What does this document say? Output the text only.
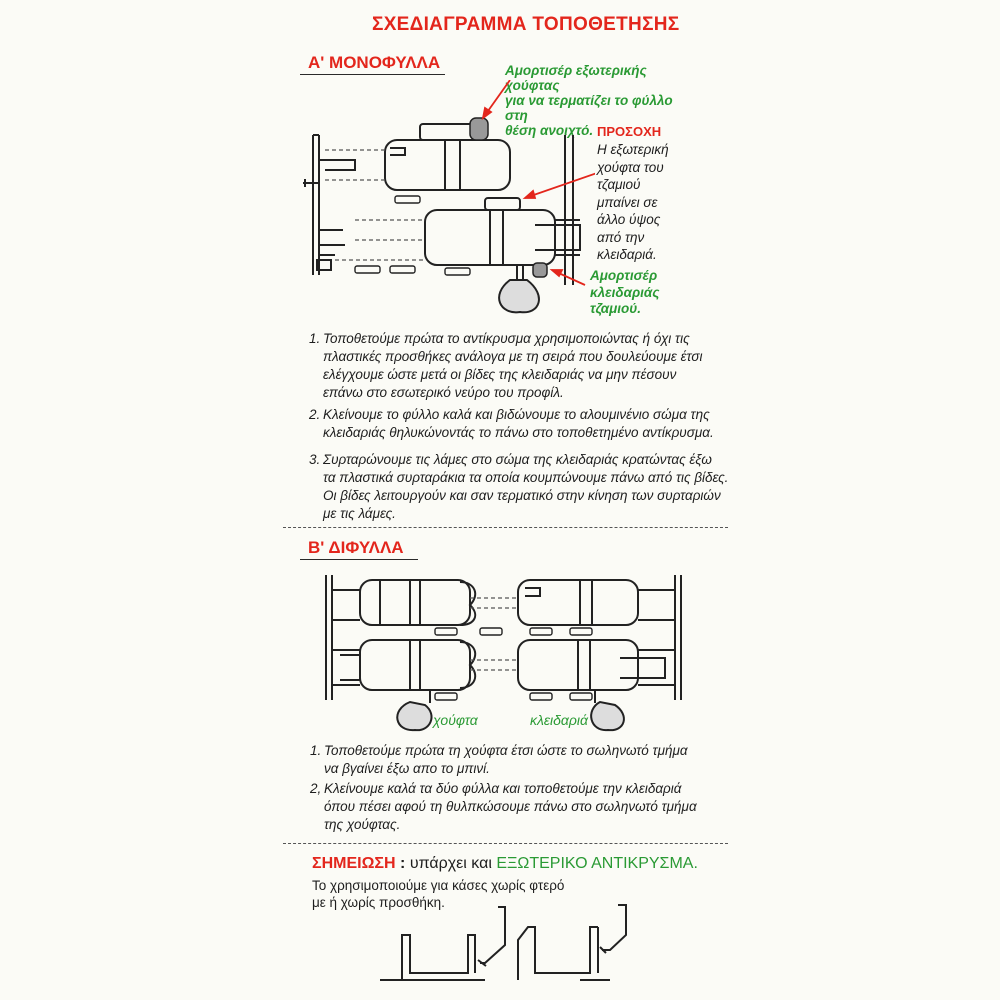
ΣΧΕΔΙΑΓΡΑΜΜΑ ΤΟΠΟΘΕΤΗΣΗΣ
Α' ΜΟΝΟΦΥΛΛΑ	Αμορτισέρ εξωτερικής χούφτας
για να τερματίζει το φύλλο στη
θέση ανοιχτό. ΠΡΟΣΟΧΗ
Η εξωτερική
χούφτα του
τζαμιού
μπαίνει σε
άλλο ύψος
από την
κλειδαριά.
Αμορτισέρ
κλειδαριάς
τζαμιού.
1. Τοποθετούμε πρώτα το αντίκρυσμα χρησιμοποιώντας ή όχι τις
πλαστικές προσθήκες ανάλογα με τη σειρά που δουλεύουμε έτσι
ελέγχουμε ώστε μετά οι βίδες της κλειδαριάς να μην πέσουν
επάνω στο εσωτερικό νεύρο του προφίλ.
2. Κλείνουμε το φύλλο καλά και βιδώνουμε το αλουμινένιο σώμα της
κλειδαριάς θηλυκώνοντάς το πάνω στο τοποθετημένο αντίκρυσμα.
3. Συρταρώνουμε τις λάμες στο σώμα της κλειδαριάς κρατώντας έξω
τα πλαστικά συρταράκια τα οποία κουμπώνουμε πάνω από τις βίδες.
Οι βίδες λειτουργούν και σαν τερματικό στην κίνηση των συρταριών
με τις λάμες.
Β' ΔΙΦΥΛΛΑ
χούφτα	κλειδαριά
1. Τοποθετούμε πρώτα τη χούφτα έτσι ώστε το σωληνωτό τμήμα
να βγαίνει έξω απο το μπινί.
2, Κλείνουμε καλά τα δύο φύλλα και τοποθετούμε την κλειδαριά
όπου πέσει αφού τη θυλπκώσουμε πάνω στο σωληνωτό τμήμα
της χούφτας.
ΣΗΜΕΙΩΣΗ : υπάρχει και ΕΞΩΤΕΡΙΚΟ ΑΝΤΙΚΡΥΣΜΑ.
Το χρησιμοποιούμε για κάσες χωρίς φτερό
με ή χωρίς προσθήκη.
